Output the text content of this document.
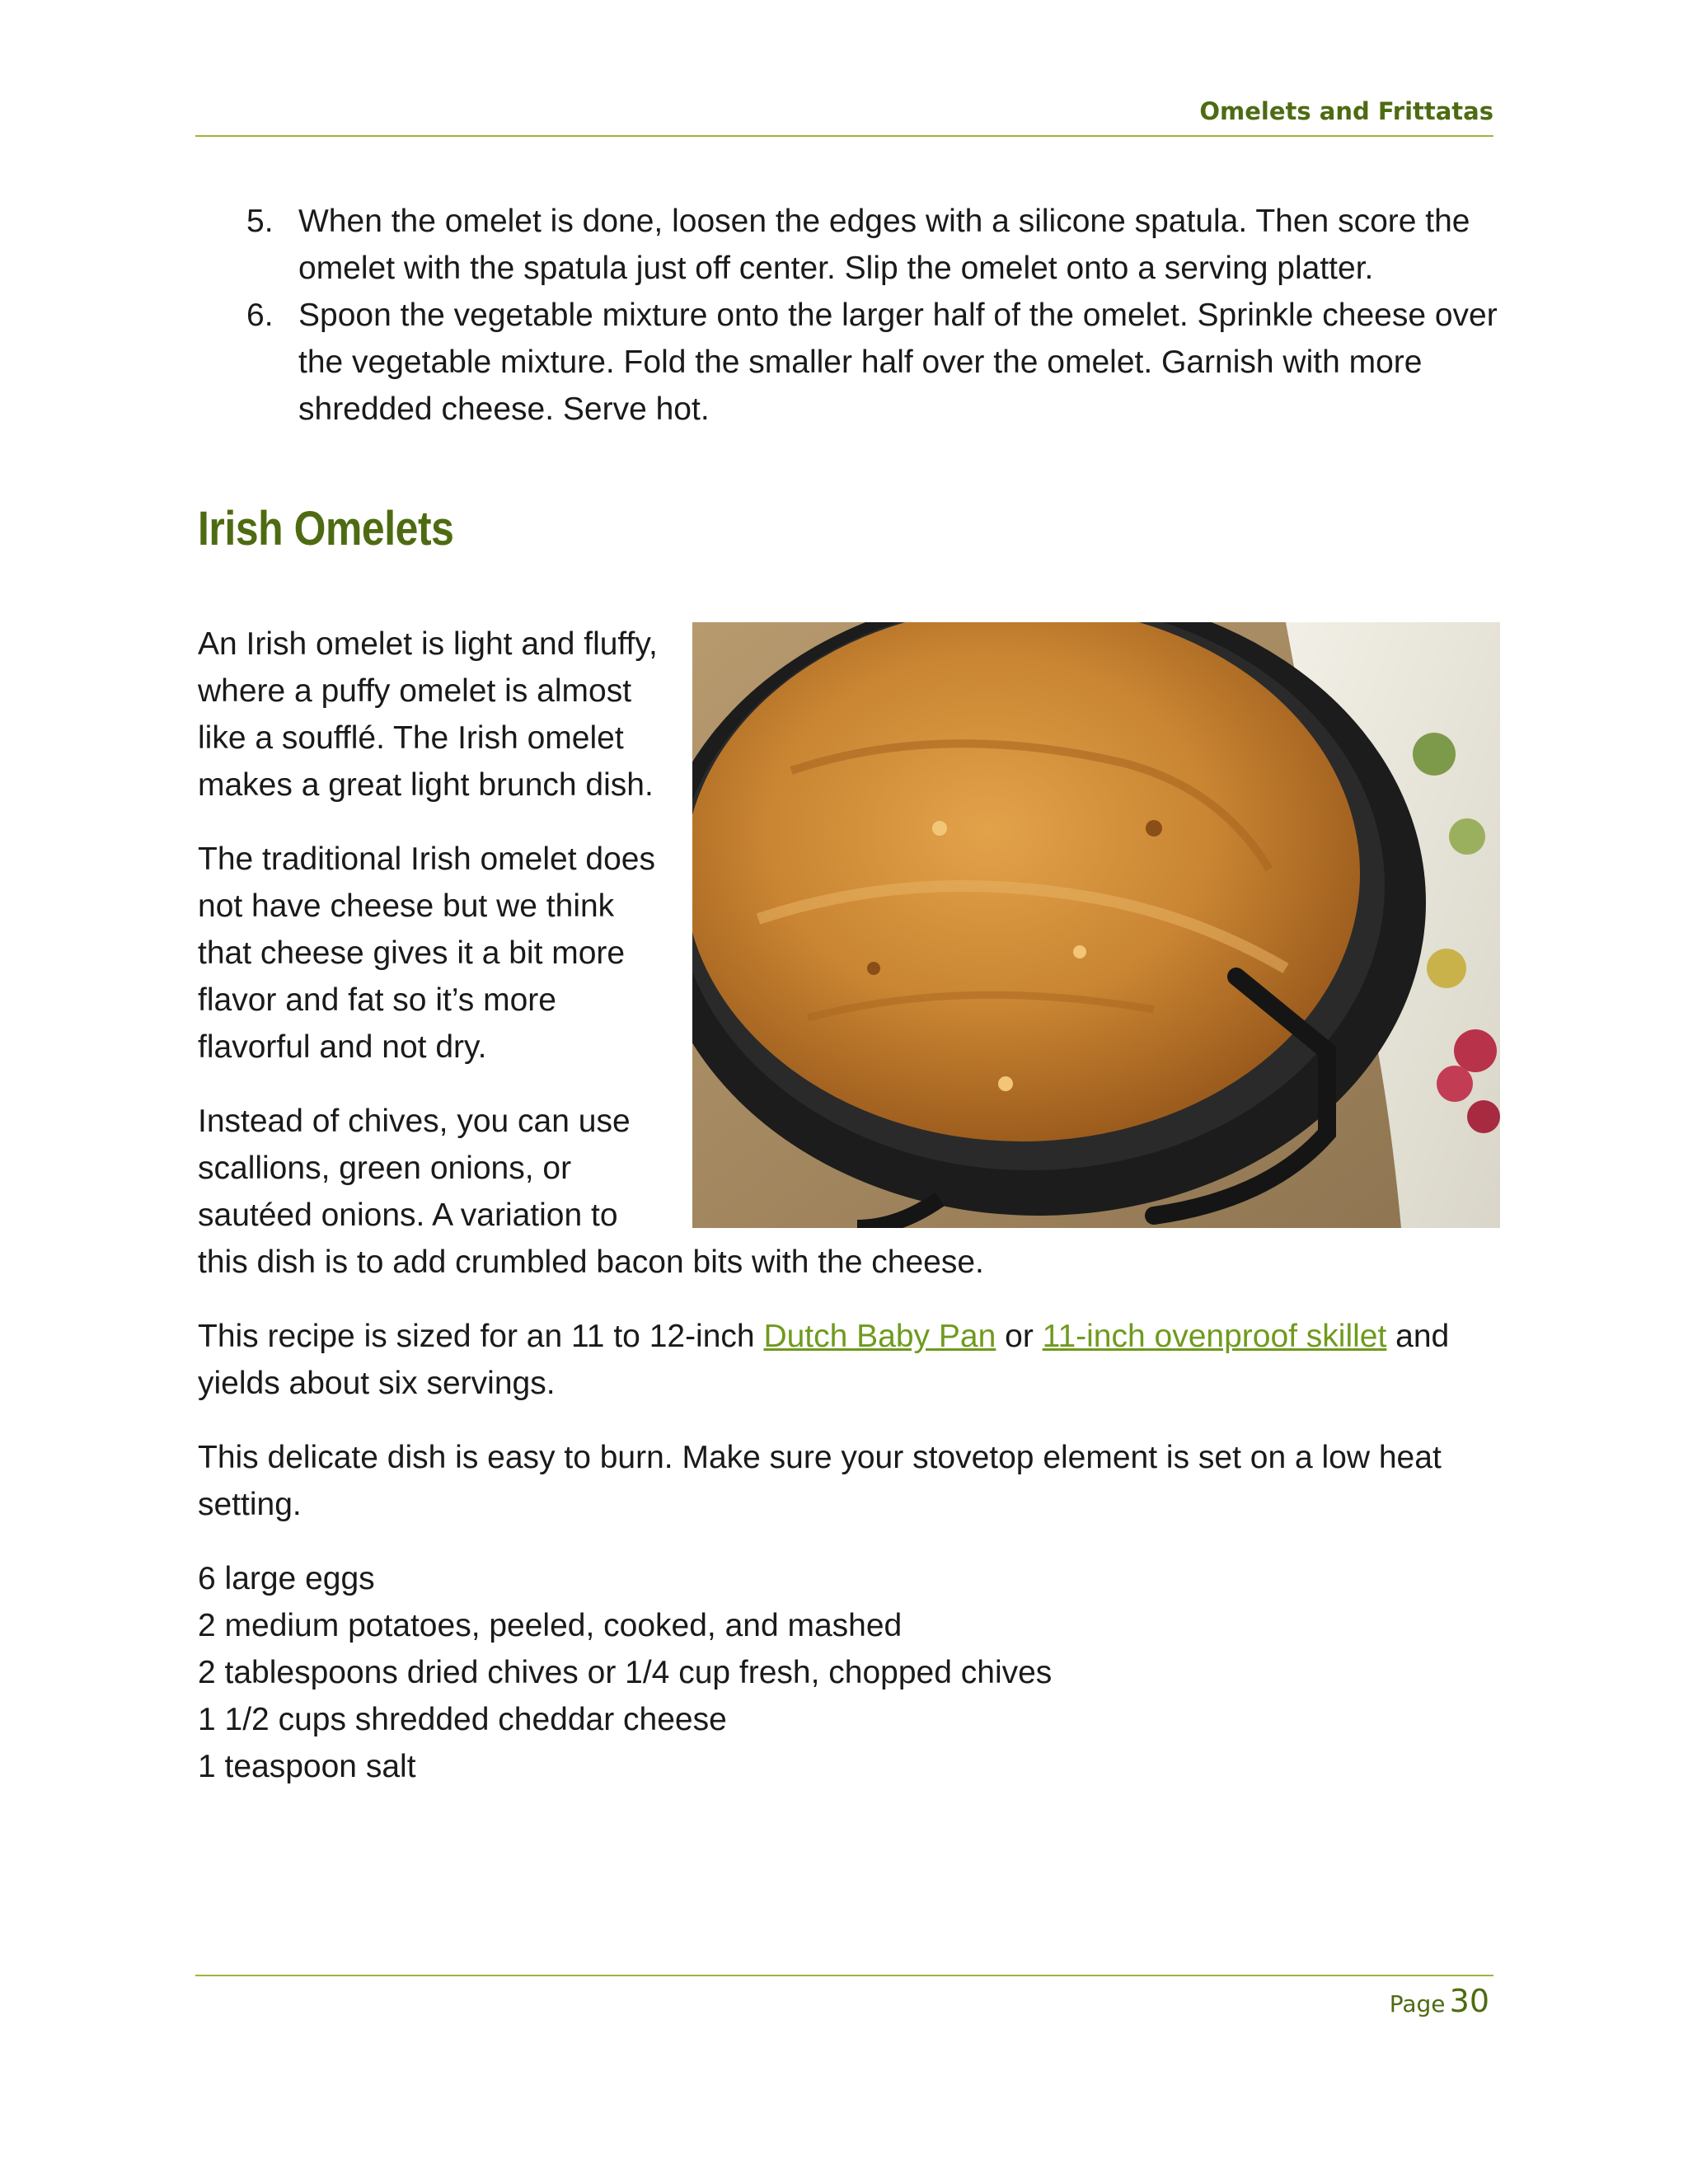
Omelets and Frittatas
5. When the omelet is done, loosen the edges with a silicone spatula. Then score the omelet with the spatula just off center. Slip the omelet onto a serving platter.
6. Spoon the vegetable mixture onto the larger half of the omelet. Sprinkle cheese over the vegetable mixture. Fold the smaller half over the omelet. Garnish with more shredded cheese. Serve hot.
Irish Omelets

An Irish omelet is light and fluffy, where a puffy omelet is almost like a soufflé. The Irish omelet makes a great light brunch dish.

The traditional Irish omelet does not have cheese but we think that cheese gives it a bit more flavor and fat so it’s more flavorful and not dry.

Instead of chives, you can use scallions, green onions, or sautéed onions. A variation to this dish is to add crumbled bacon bits with the cheese.

This recipe is sized for an 11 to 12-inch Dutch Baby Pan or 11-inch ovenproof skillet and yields about six servings.

This delicate dish is easy to burn. Make sure your stovetop element is set on a low heat setting.

6 large eggs
2 medium potatoes, peeled, cooked, and mashed
2 tablespoons dried chives or 1/4 cup fresh, chopped chives
1 1/2 cups shredded cheddar cheese
1 teaspoon salt
Page 30
